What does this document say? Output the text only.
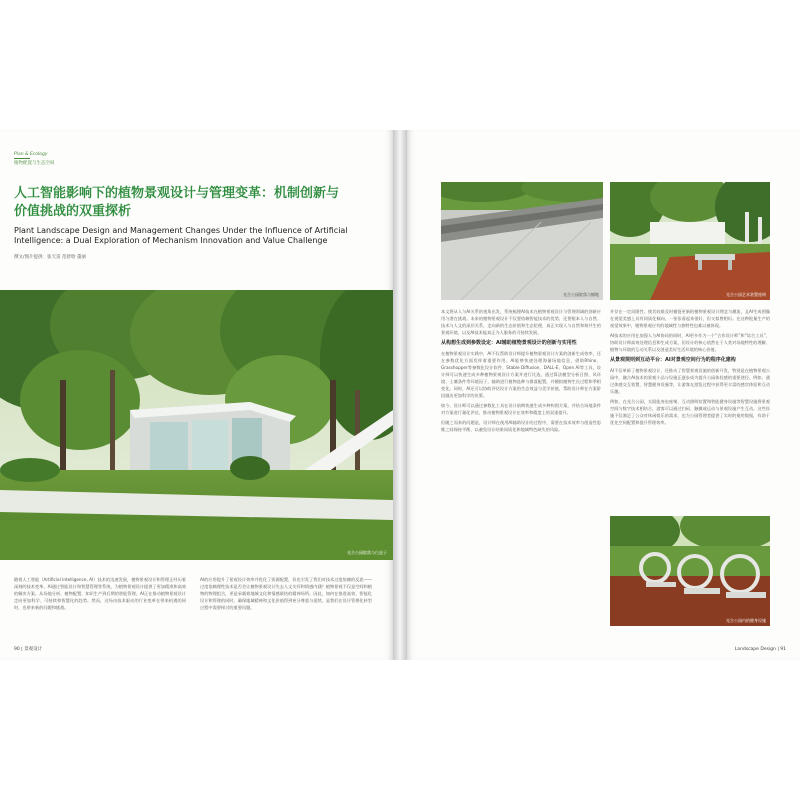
Plan & Ecology
植物配置与生态空间
人工智能影响下的植物景观设计与管理变革：机制创新与
价值挑战的双重探析
Plant Landscape Design and Management Changes Under the Influence of Artificial
Intelligence: a Dual Exploration of Mechanism Innovation and Value Challenge
撰文/图片提供：张天雷 范舒晗 董丽
光合公园院落与白盒子

随着人工智能（Artificial Intelligence, AI）技术的迅速发展，植物景观设计和管理正经历着深刻的技术变革。AI通过智能设计和智慧管理等系统，为植物景观设计提供了更加精准和高效的解决方案。从场地分析、植物配置、知识生产到后期的智能管理，AI正在推动植物景观设计走向更加科学、可持续和智慧化的趋势。然而，这场由技术驱动的行业变革在带来机遇的同时，也带来新的问题和挑战。

AI的应用提升了景观设计效率并优化了资源配置，但也引发了我们对技术过度依赖的反思——过度依赖理性技术是否会让植物景观设计失去人文关怀和情感内涵？植物景观不仅是空间和植物的物理组合，更是承载着地域文化和情感联结的精神场所。因此，如何在推进高效、智能化设计和管理的同时，确保地域精神和文化价值得到充分尊重与延续，是我们在设计管理化转型过程中需要探讨的重要问题。

90 | 景观设计
光合公园院落与铺地	光合公园艺术装置座椅

本文将从人与AI关系的视角出发，系统梳理AI技术在植物景观设计与管理领域的创新应用与潜在挑战。未来的植物景观设计不仅要依赖智能技术的优势，还要根本人与自然、技术与人文的深层关系，走向新的生态价值和生态伦理，真正实现人与自然和谐共生的景观环境，以及AI技术能真正为人服务的可持续发展。

从构想生成到参数设定：AI辅助植物景观设计的创新与实用性

在植物景观设计实践中，AI不仅帮助设计师提升植物景观设计方案的创新生成效率，还在参数优化方面发挥着重要作用。AI能够快速处理海量场地信息，借助Rhino、Grasshopper等参数化设计软件、Stable Diffusion、DALL-E、Open AI等工具，设计师可以快速生成多种植物景观设计方案并进行比选，通过算法模型分析日照、风环境、土壤条件等环境因子，辅助进行植物选种与群落配置，并模拟植物生长过程和季相变化。同时，AI还可以协助评估设计方案的生态效益与美学价值，帮助设计师在方案阶段做出更加科学的决策。

如今，设计师可以通过参数化工具在设计前期快速生成多种构图方案，并结合场地条件对方案进行量化评估，推动植物景观设计在效率和精度上的双重提升。

但随之而来的问题是，设计师在使用AI辅助设计的过程中，需要在技术效率与创造性思维之间保持平衡，以避免设计结果同质化和地域特色缺失的风险。

并存在一定局限性。使其较难及时捕捉更新的植物景观设计理念与潮流，且AI生成图像在视觉美感上具有同质化倾向，一张张看起来很好，但又似曾相识。在这种批量生产的视觉效果中，植物景观应有的地域性与独特性也难以被体现。

AI技术的应用在加强人与AI协同的同时，AI更多作为一个“合作设计师”和“综合工具”，协助设计师高效处理信息和生成方案，但设计的核心依然在于人类对场地特性的理解、植物与环境的互动关系以及创造美好生活环境的核心价值。

从景观规则到互动平台：AI对景观空间行为的程序化建构

AI不仅革新了植物景观设计，还推动了智慧景观设施的创新开发，特别是在植物景观公园中，融合AI技术的景观小品与设施正逐步成为提升公园体验感的重要途径。例如，通过体感交互装置、智慧健身设施等，让游客在游览过程中获得更丰富的感官体验和互动乐趣。

例如，在光合公园，太阳能充电座椅、互动照明装置和智能健身设施等智慧设施将景观空间与数字技术相结合，游客可以通过扫码、触摸或运动与景观设施产生互动。这些设施不仅满足了公众对休闲娱乐的需求，也为公园管理者提供了实时的使用数据，有助于优化空间配置和提升管理效率。

光合公园内的健身设施
Landscape Design | 91
